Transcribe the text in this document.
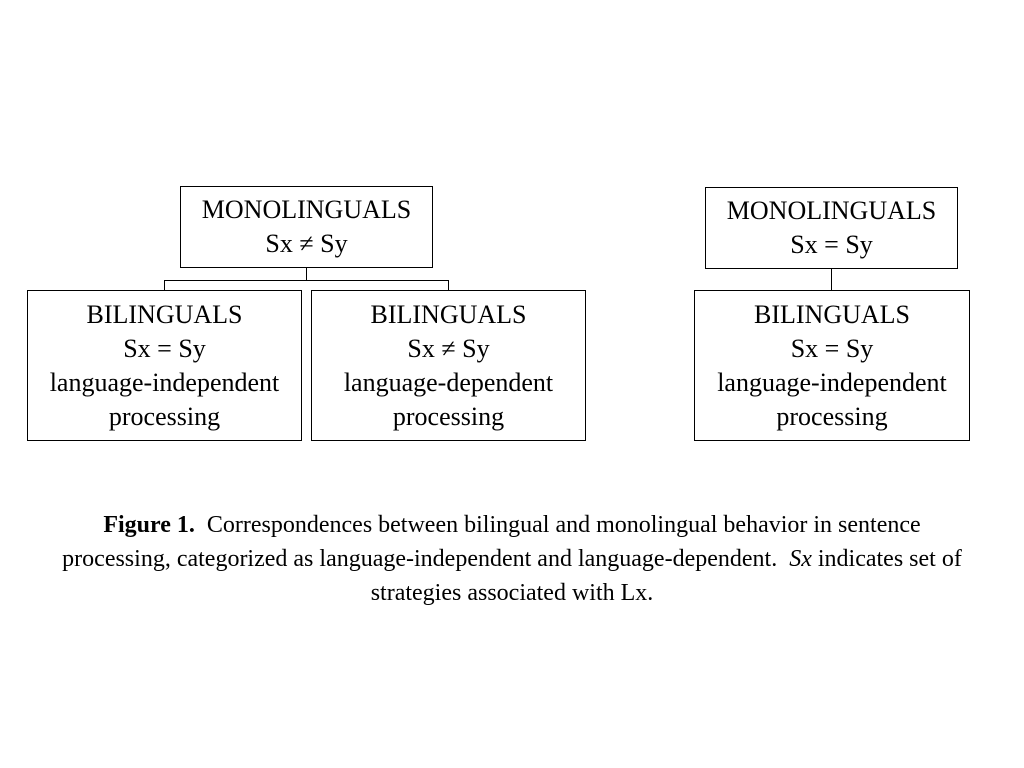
MONOLINGUALS
Sx ≠ Sy
BILINGUALS
Sx = Sy
language-independent
processing
BILINGUALS
Sx ≠ Sy
language-dependent
processing
MONOLINGUALS
Sx = Sy
BILINGUALS
Sx = Sy
language-independent
processing
Figure 1. Correspondences between bilingual and monolingual behavior in sentence processing, categorized as language-independent and language-dependent. Sx indicates set of strategies associated with Lx.
